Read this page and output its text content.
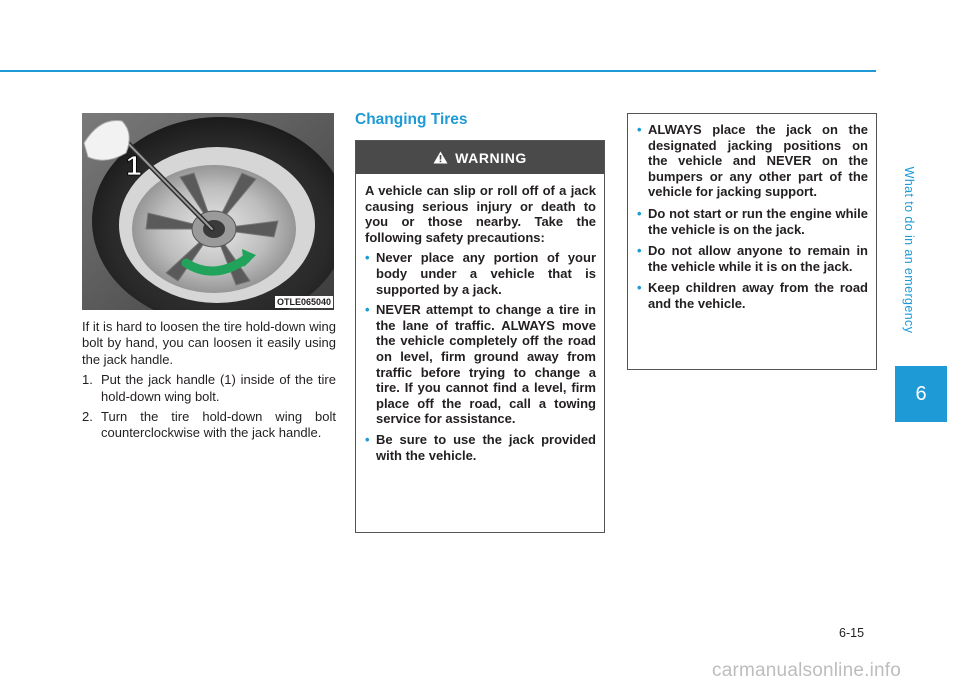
What to do in an emergency
6
1
OTLE065040

If it is hard to loosen the tire hold-down wing bolt by hand, you can loosen it easily using the jack handle.

1. Put the jack handle (1) inside of the tire hold-down wing bolt.
2. Turn the tire hold-down wing bolt counterclockwise with the jack handle.
Changing Tires
WARNING

A vehicle can slip or roll off of a jack causing serious injury or death to you or those nearby. Take the following safety precautions:

• Never place any portion of your body under a vehicle that is supported by a jack.
• NEVER attempt to change a tire in the lane of traffic. ALWAYS move the vehicle completely off the road on level, firm ground away from traffic before trying to change a tire. If you cannot find a level, firm place off the road, call a towing service for assistance.
• Be sure to use the jack provided with the vehicle.
• ALWAYS place the jack on the designated jacking positions on the vehicle and NEVER on the bumpers or any other part of the vehicle for jacking support.
• Do not start or run the engine while the vehicle is on the jack.
• Do not allow anyone to remain in the vehicle while it is on the jack.
• Keep children away from the road and the vehicle.
6-15
carmanualsonline.info
